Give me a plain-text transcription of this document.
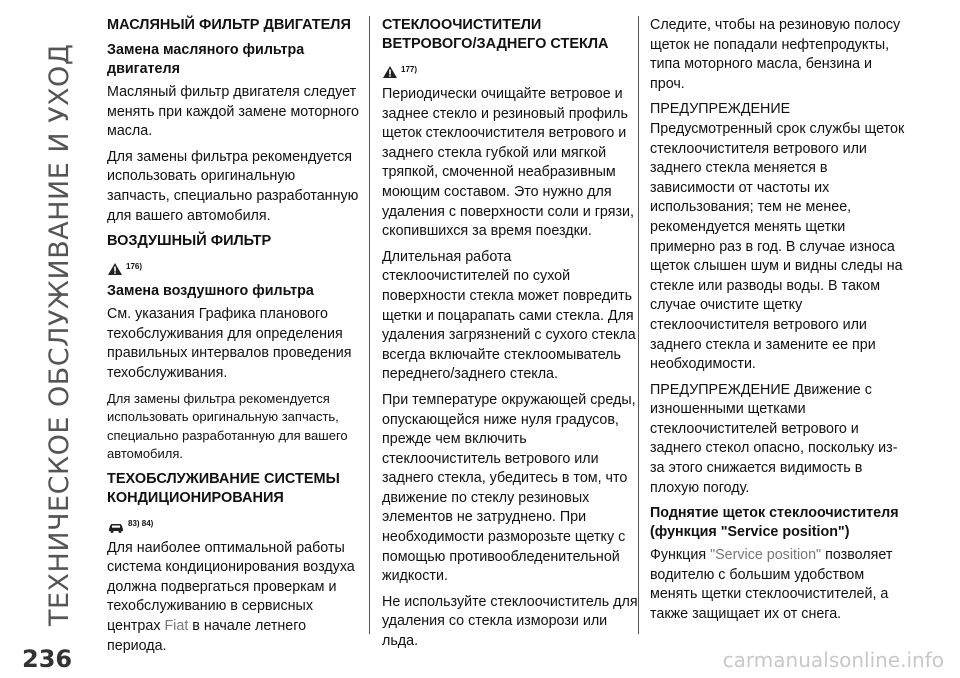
ТЕХНИЧЕСКОЕ ОБСЛУЖИВАНИЕ И УХОД
236
МАСЛЯНЫЙ ФИЛЬТР ДВИГАТЕЛЯ
Замена масляного фильтра двигателя

Масляный фильтр двигателя следует менять при каждой замене моторного масла.

Для замены фильтра рекомендуется использовать оригинальную запчасть, специально разработанную для вашего автомобиля.

ВОЗДУШНЫЙ ФИЛЬТР
176)
Замена воздушного фильтра

См. указания Графика планового техобслуживания для определения правильных интервалов проведения техобслуживания.

Для замены фильтра рекомендуется использовать оригинальную запчасть, специально разработанную для вашего автомобиля.

ТЕХОБСЛУЖИВАНИЕ СИСТЕМЫ КОНДИЦИОНИРОВАНИЯ
83) 84)

Для наиболее оптимальной работы система кондиционирования воздуха должна подвергаться проверкам и техобслуживанию в сервисных центрах Fiat в начале летнего периода.

СТЕКЛООЧИСТИТЕЛИ ВЕТРОВОГО/ЗАДНЕГО СТЕКЛА
177)

Периодически очищайте ветровое и заднее стекло и резиновый профиль щеток стеклоочистителя ветрового и заднего стекла губкой или мягкой тряпкой, смоченной неабразивным моющим составом. Это нужно для удаления с поверхности соли и грязи, скопившихся за время поездки.

Длительная работа стеклоочистителей по сухой поверхности стекла может повредить щетки и поцарапать сами стекла. Для удаления загрязнений с сухого стекла всегда включайте стеклоомыватель переднего/заднего стекла.

При температуре окружающей среды, опускающейся ниже нуля градусов, прежде чем включить стеклоочиститель ветрового или заднего стекла, убедитесь в том, что движение по стеклу резиновых элементов не затруднено. При необходимости разморозьте щетку с помощью противообледенительной жидкости.

Не используйте стеклоочиститель для удаления со стекла изморози или льда.

Следите, чтобы на резиновую полосу щеток не попадали нефтепродукты, типа моторного масла, бензина и проч.

ПРЕДУПРЕЖДЕНИЕ Предусмотренный срок службы щеток стеклоочистителя ветрового или заднего стекла меняется в зависимости от частоты их использования; тем не менее, рекомендуется менять щетки примерно раз в год. В случае износа щеток слышен шум и видны следы на стекле или разводы воды. В таком случае очистите щетку стеклоочистителя ветрового или заднего стекла и замените ее при необходимости.

ПРЕДУПРЕЖДЕНИЕ Движение с изношенными щетками стеклоочистителей ветрового и заднего стекол опасно, поскольку из-за этого снижается видимость в плохую погоду.

Поднятие щеток стеклоочистителя (функция "Service position")

Функция "Service position" позволяет водителю с большим удобством менять щетки стеклоочистителей, а также защищает их от снега.

carmanualsonline.info
